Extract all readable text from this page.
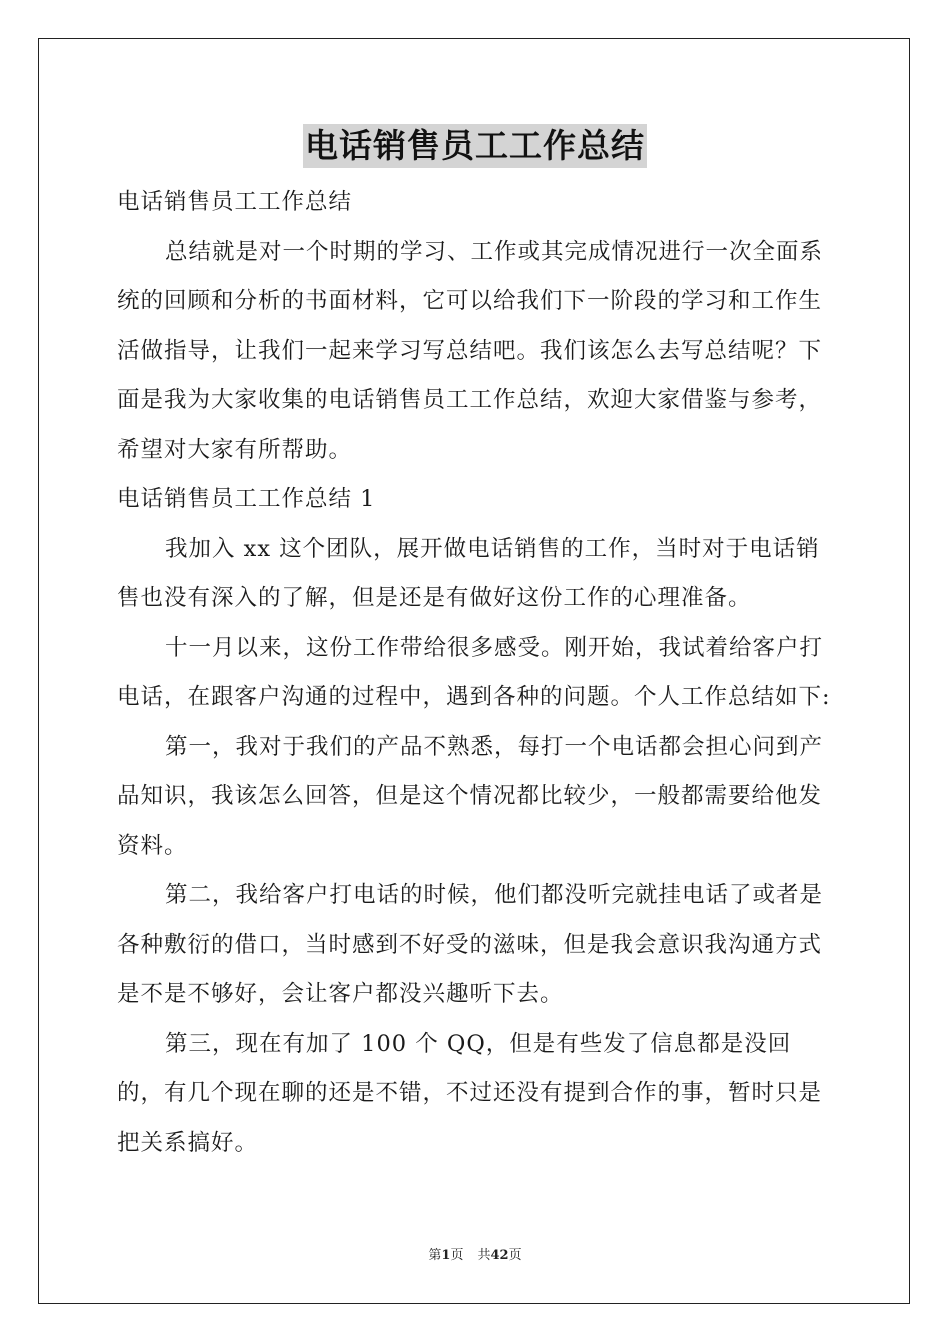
电话销售员工工作总结

电话销售员工工作总结

总结就是对一个时期的学习、工作或其完成情况进行一次全面系统的回顾和分析的书面材料，它可以给我们下一阶段的学习和工作生活做指导，让我们一起来学习写总结吧。我们该怎么去写总结呢？下面是我为大家收集的电话销售员工工作总结，欢迎大家借鉴与参考，希望对大家有所帮助。

电话销售员工工作总结 1

我加入 xx 这个团队，展开做电话销售的工作，当时对于电话销售也没有深入的了解，但是还是有做好这份工作的心理准备。

十一月以来，这份工作带给很多感受。刚开始，我试着给客户打电话，在跟客户沟通的过程中，遇到各种的问题。个人工作总结如下:

第一，我对于我们的产品不熟悉，每打一个电话都会担心问到产品知识，我该怎么回答，但是这个情况都比较少，一般都需要给他发资料。

第二，我给客户打电话的时候，他们都没听完就挂电话了或者是各种敷衍的借口，当时感到不好受的滋味，但是我会意识我沟通方式是不是不够好，会让客户都没兴趣听下去。

第三，现在有加了 100 个 QQ，但是有些发了信息都是没回的，有几个现在聊的还是不错，不过还没有提到合作的事，暂时只是把关系搞好。

第1页 共42页
